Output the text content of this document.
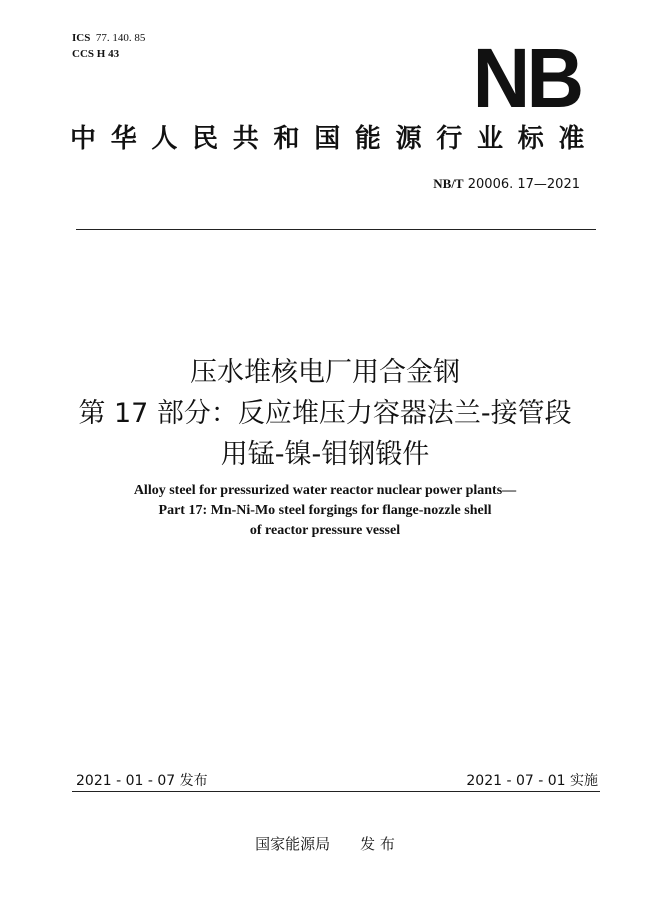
ICS 77. 140. 85
CCS H 43	NB
中华人民共和国能源行业标准
NB/T 20006. 17—2021
压水堆核电厂用合金钢
第 17 部分：反应堆压力容器法兰-接管段
用锰-镍-钼钢锻件
Alloy steel for pressurized water reactor nuclear power plants—
Part 17: Mn-Ni-Mo steel forgings for flange-nozzle shell
of reactor pressure vessel
2021 - 01 - 07 发布	2021 - 07 - 01 实施
国家能源局 发 布
